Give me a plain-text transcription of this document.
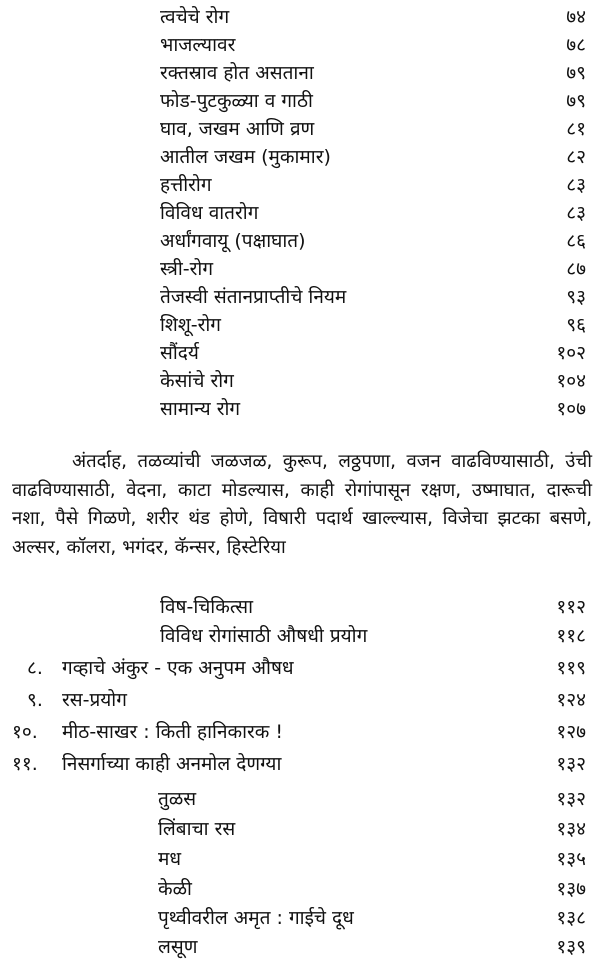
त्वचेचे रोग	७४
भाजल्यावर	७८
रक्तस्राव होत असताना	७९
फोड-पुटकुळ्या व गाठी	७९
घाव, जखम आणि व्रण	८१
आतील जखम (मुकामार)	८२
हत्तीरोग	८३
विविध वातरोग	८३
अर्धांगवायू (पक्षाघात)	८६
स्त्री-रोग	८७
तेजस्वी संतानप्राप्तीचे नियम	९३
शिशू-रोग	९६
सौंदर्य	१०२
केसांचे रोग	१०४
सामान्य रोग	१०७
अंतर्दाह, तळव्यांची जळजळ, कुरूप, लठ्ठपणा, वजन वाढविण्यासाठी, उंची वाढविण्यासाठी, वेदना, काटा मोडल्यास, काही रोगांपासून रक्षण, उष्माघात, दारूची नशा, पैसे गिळणे, शरीर थंड होणे, विषारी पदार्थ खाल्ल्यास, विजेचा झटका बसणे, अल्सर, कॉलरा, भगंदर, कॅन्सर, हिस्टेरिया
विष-चिकित्सा	११२
विविध रोगांसाठी औषधी प्रयोग	११८
८. गव्हाचे अंकुर - एक अनुपम औषध	११९
९. रस-प्रयोग	१२४
१०. मीठ-साखर : किती हानिकारक !	१२७
११. निसर्गाच्या काही अनमोल देणग्या	१३२
तुळस	१३२
लिंबाचा रस	१३४
मध	१३५
केळी	१३७
पृथ्वीवरील अमृत : गाईचे दूध	१३८
लसूण	१३९
